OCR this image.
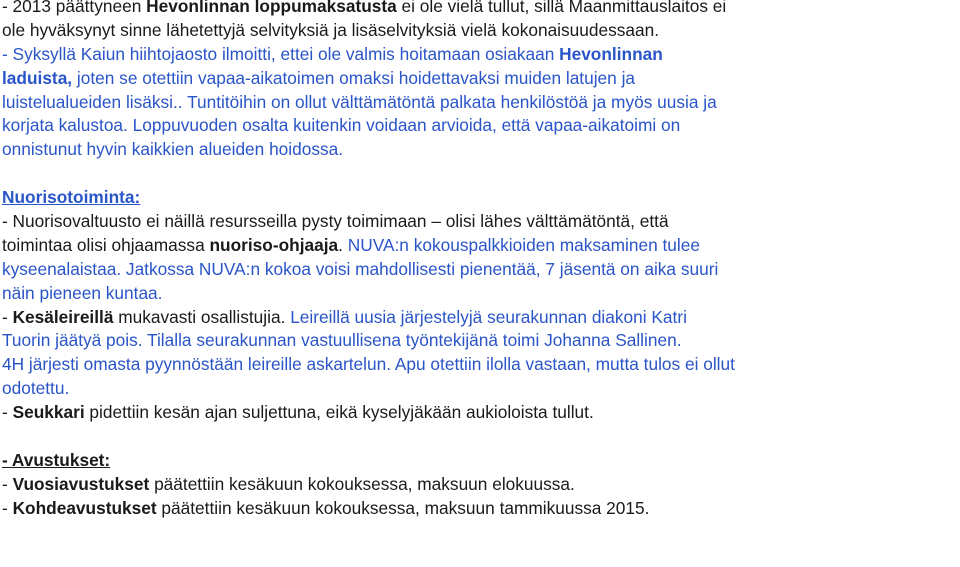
- 2013 päättyneen Hevonlinnan loppumaksatusta ei ole vielä tullut, sillä Maanmittauslaitos ei

ole hyväksynyt sinne lähetettyjä selvityksiä ja lisäselvityksiä vielä kokonaisuudessaan.

- Syksyllä Kaiun hiihtojaosto ilmoitti, ettei ole valmis hoitamaan osiakaan Hevonlinnan

laduista, joten se otettiin vapaa-aikatoimen omaksi hoidettavaksi muiden latujen ja

luistelualueiden lisäksi.. Tuntitöihin on ollut välttämätöntä palkata henkilöstöä ja myös uusia ja

korjata kalustoa. Loppuvuoden osalta kuitenkin voidaan arvioida, että vapaa-aikatoimi on

onnistunut hyvin kaikkien alueiden hoidossa.

Nuorisotoiminta:

- Nuorisovaltuusto ei näillä resursseilla pysty toimimaan – olisi lähes välttämätöntä, että

toimintaa olisi ohjaamassa nuoriso-ohjaaja. NUVA:n kokouspalkkioiden maksaminen tulee

kyseenalaistaa. Jatkossa NUVA:n kokoa voisi mahdollisesti pienentää, 7 jäsentä on aika suuri

näin pieneen kuntaa.

- Kesäleireillä mukavasti osallistujia. Leireillä uusia järjestelyjä seurakunnan diakoni Katri

Tuorin jäätyä pois. Tilalla seurakunnan vastuullisena työntekijänä toimi Johanna Sallinen.

4H järjesti omasta pyynnöstään leireille askartelun. Apu otettiin ilolla vastaan, mutta tulos ei ollut

odotettu.

- Seukkari pidettiin kesän ajan suljettuna, eikä kyselyjäkään aukioloista tullut.

- Avustukset:

- Vuosiavustukset päätettiin kesäkuun kokouksessa, maksuun elokuussa.

- Kohdeavustukset päätettiin kesäkuun kokouksessa, maksuun tammikuussa 2015.
